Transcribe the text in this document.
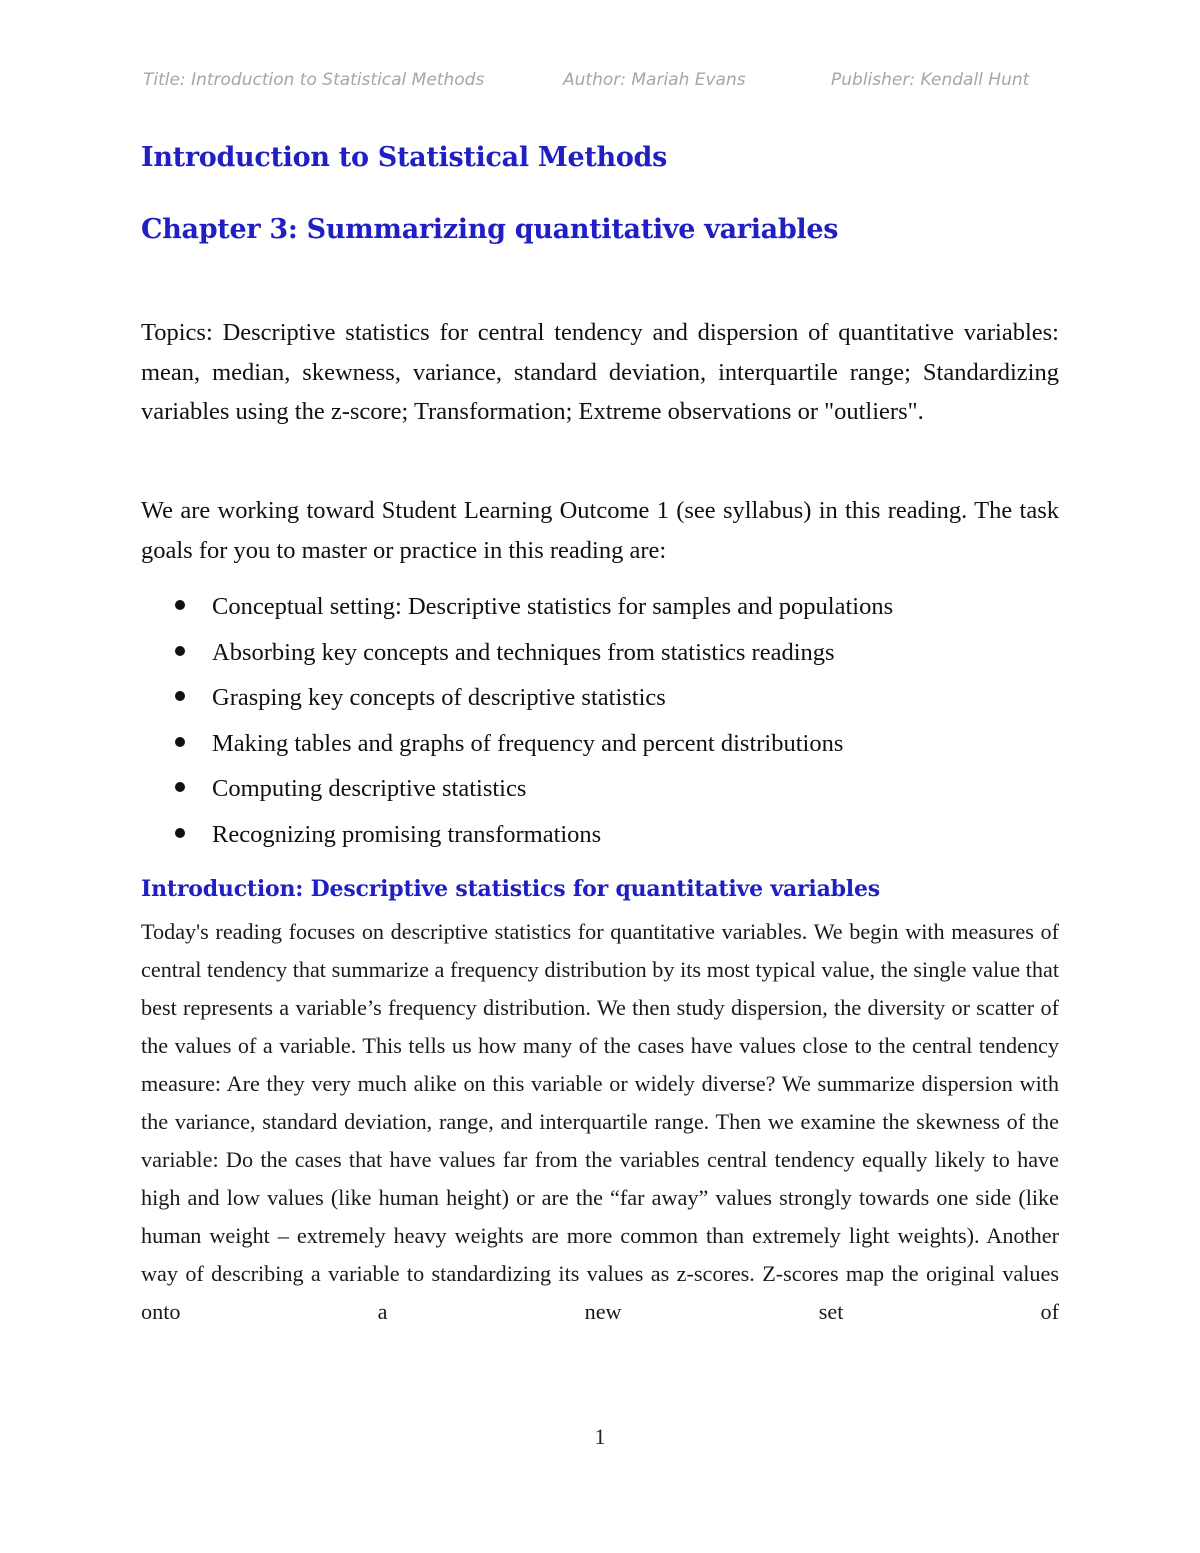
Title: Introduction to Statistical Methods	Author: Mariah Evans	Publisher: Kendall Hunt
Introduction to Statistical Methods
Chapter 3: Summarizing quantitative variables

Topics: Descriptive statistics for central tendency and dispersion of quantitative variables: mean, median, skewness, variance, standard deviation, interquartile range; Standardizing variables using the z-score; Transformation; Extreme observations or "outliers".

We are working toward Student Learning Outcome 1 (see syllabus) in this reading. The task goals for you to master or practice in this reading are:

Conceptual setting: Descriptive statistics for samples and populations
Absorbing key concepts and techniques from statistics readings
Grasping key concepts of descriptive statistics
Making tables and graphs of frequency and percent distributions
Computing descriptive statistics
Recognizing promising transformations
Introduction: Descriptive statistics for quantitative variables

Today's reading focuses on descriptive statistics for quantitative variables. We begin with measures of central tendency that summarize a frequency distribution by its most typical value, the single value that best represents a variable’s frequency distribution. We then study dispersion, the diversity or scatter of the values of a variable. This tells us how many of the cases have values close to the central tendency measure: Are they very much alike on this variable or widely diverse? We summarize dispersion with the variance, standard deviation, range, and interquartile range. Then we examine the skewness of the variable: Do the cases that have values far from the variables central tendency equally likely to have high and low values (like human height) or are the “far away” values strongly towards one side (like human weight – extremely heavy weights are more common than extremely light weights). Another way of describing a variable to standardizing its values as z-scores. Z-scores map the original values onto a new set of

1
